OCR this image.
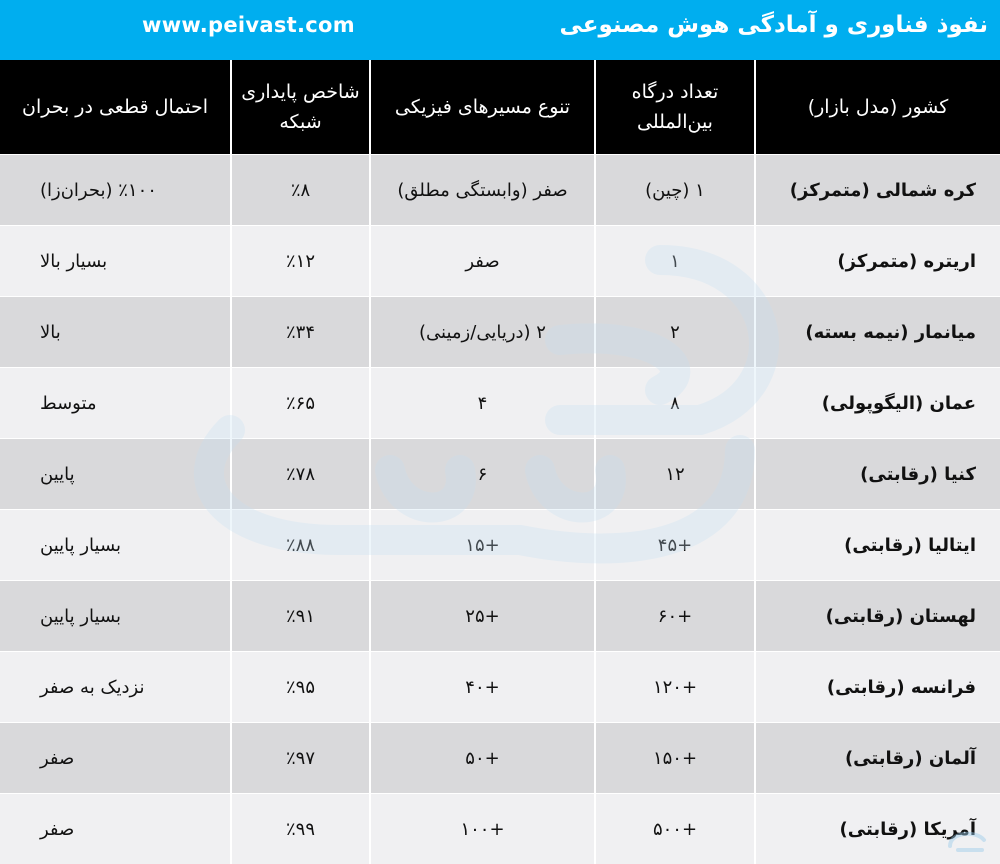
www.peivast.com	نفوذ فناوری و آمادگی هوش مصنوعی
کشور (مدل بازار)	تعداد درگاه بین‌المللی	تنوع مسیرهای فیزیکی	شاخص پایداری شبکه	احتمال قطعی در بحران
کره شمالی (متمرکز)	۱ (چین)	صفر (وابستگی مطلق)	٪۸	٪۱۰۰ (بحران‌زا)
اریتره (متمرکز)	۱	صفر	٪۱۲	بسیار بالا
میانمار (نیمه بسته)	۲	۲ (دریایی/زمینی)	٪۳۴	بالا
عمان (الیگوپولی)	۸	۴	٪۶۵	متوسط
کنیا (رقابتی)	۱۲	۶	٪۷۸	پایین
ایتالیا (رقابتی)	+۴۵	+۱۵	٪۸۸	بسیار پایین
لهستان (رقابتی)	+۶۰	+۲۵	٪۹۱	بسیار پایین
فرانسه (رقابتی)	+۱۲۰	+۴۰	٪۹۵	نزدیک به صفر
آلمان (رقابتی)	+۱۵۰	+۵۰	٪۹۷	صفر
آمریکا (رقابتی)	+۵۰۰	+۱۰۰	٪۹۹	صفر
